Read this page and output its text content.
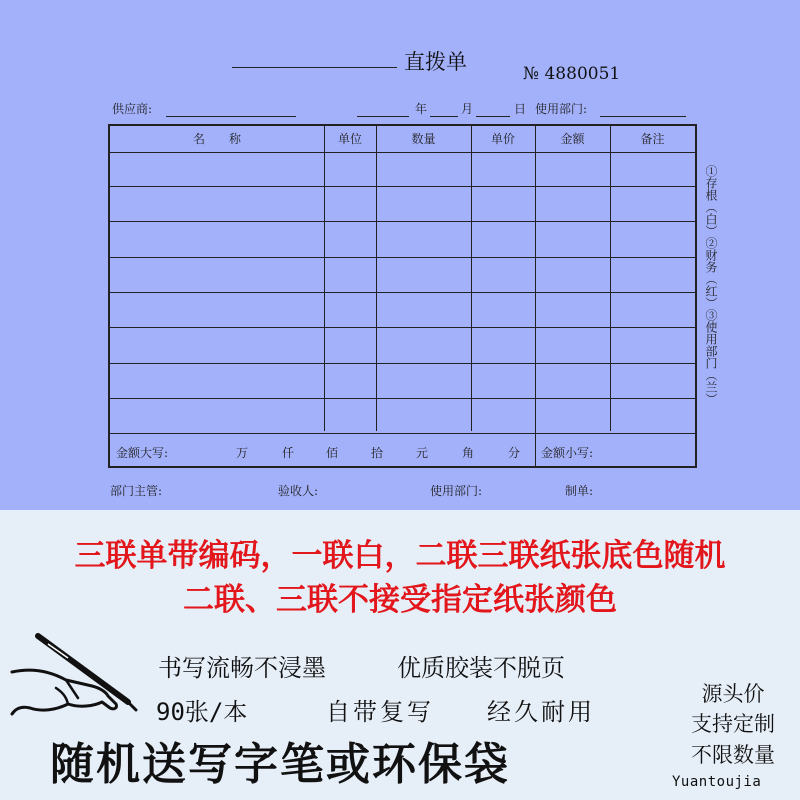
直拨单	№ 4880051
供应商:	年	月	日 使用部门:
名　　称	单位	数量	单价	金额	备注
金额大写:	万	仟	佰	拾	元	角	分 金额小写:
①存根（白）②财务（红）③使用部门（兰）
部门主管:	验收人:	使用部门:	制单:
三联单带编码，一联白，二联三联纸张底色随机
二联、三联不接受指定纸张颜色
书写流畅不浸墨	优质胶装不脱页
90张/本	自带复写 经久耐用
随机送写字笔或环保袋
源头价
支持定制
不限数量
Yuantoujia
